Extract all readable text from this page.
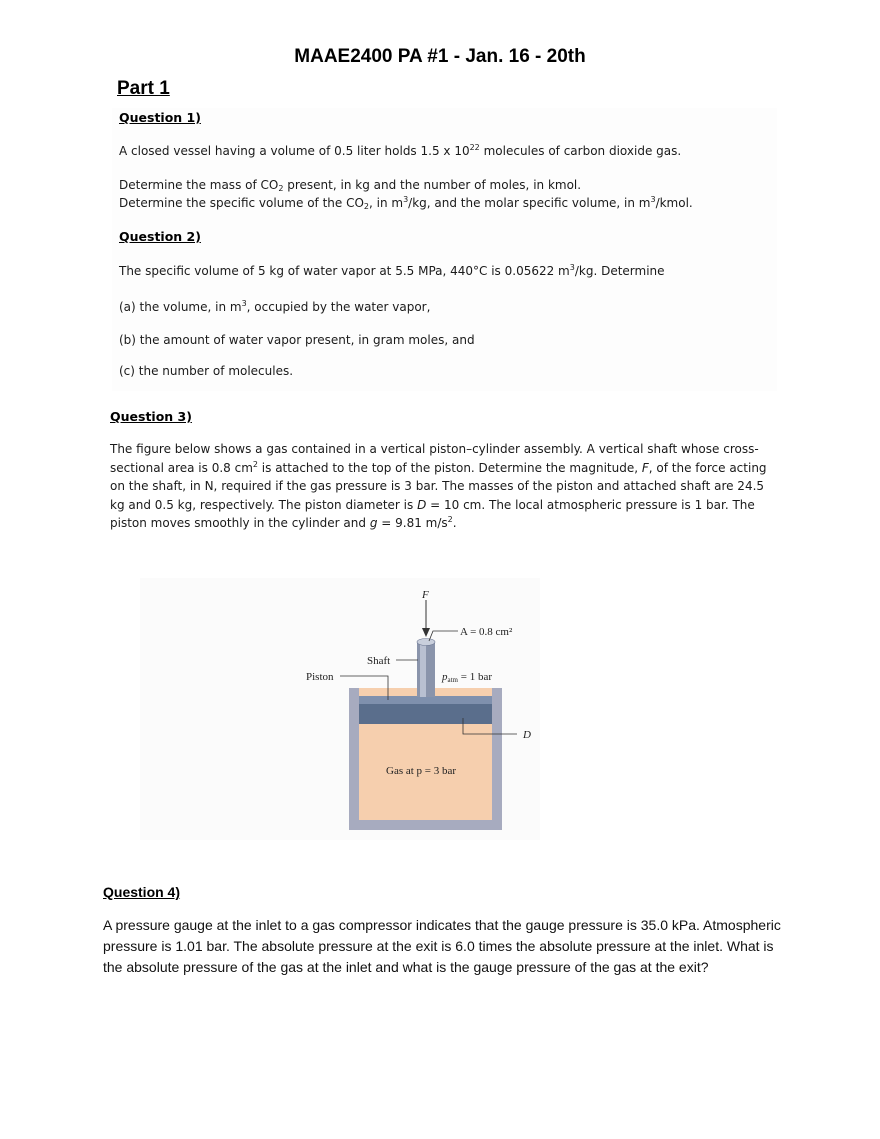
MAAE2400 PA #1 - Jan. 16 - 20th
Part 1
Question 1)
A closed vessel having a volume of 0.5 liter holds 1.5 x $10^{22}$ molecules of carbon dioxide gas.
Determine the mass of $CO_2$ present, in kg and the number of moles, in kmol.
Determine the specific volume of the $CO_2$, in $m^3/kg$, and the molar specific volume, in $m^3$/kmol.
Question 2)
The specific volume of 5 kg of water vapor at 5.5 MPa, 440°C is 0.05622 $m^3/kg$. Determine
(a) the volume, in $m^3$, occupied by the water vapor,
(b) the amount of water vapor present, in gram moles, and
(c) the number of molecules.
Question 3)
The figure below shows a gas contained in a vertical piston–cylinder assembly. A vertical shaft whose cross-sectional area is 0.8 $cm^2$ is attached to the top of the piston. Determine the magnitude, F, of the force acting on the shaft, in N, required if the gas pressure is 3 bar. The masses of the piston and attached shaft are 24.5 kg and 0.5 kg, respectively. The piston diameter is D = 10 cm. The local atmospheric pressure is 1 bar. The piston moves smoothly in the cylinder and g = 9.81 $m/s^2$.
F
A = 0.8 cm²
Shaft
Piston	patm = 1 bar
D
Gas at p = 3 bar
Question 4)
A pressure gauge at the inlet to a gas compressor indicates that the gauge pressure is 35.0 kPa. Atmospheric pressure is 1.01 bar. The absolute pressure at the exit is 6.0 times the absolute pressure at the inlet. What is the absolute pressure of the gas at the inlet and what is the gauge pressure of the gas at the exit?
